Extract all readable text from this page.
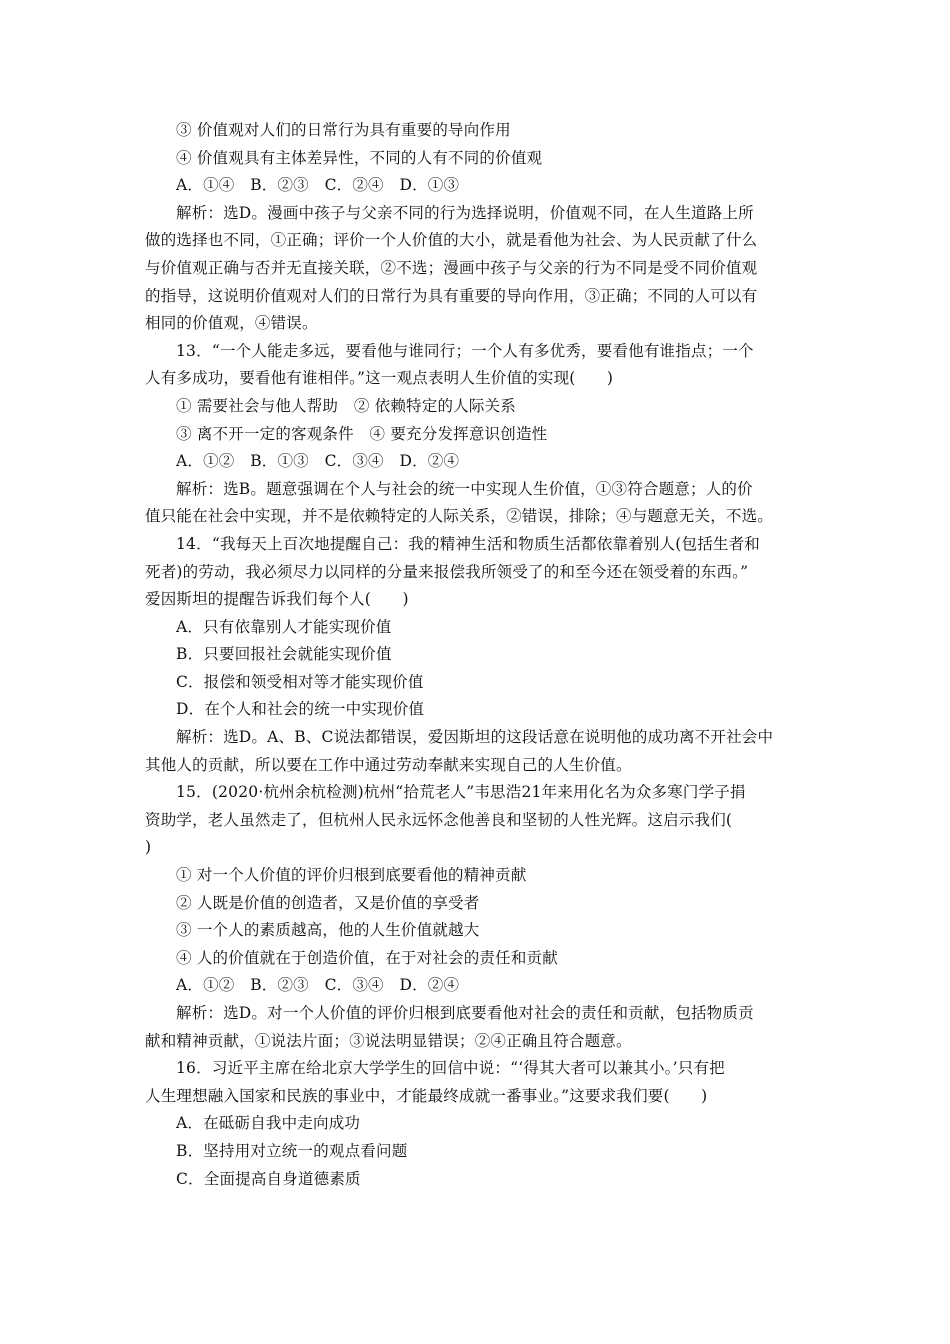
③ 价值观对人们的日常行为具有重要的导向作用
④ 价值观具有主体差异性，不同的人有不同的价值观
A．①④　B．②③　C．②④　D．①③
解析：选D。漫画中孩子与父亲不同的行为选择说明，价值观不同，在人生道路上所
做的选择也不同，①正确；评价一个人价值的大小，就是看他为社会、为人民贡献了什么
与价值观正确与否并无直接关联，②不选；漫画中孩子与父亲的行为不同是受不同价值观
的指导，这说明价值观对人们的日常行为具有重要的导向作用，③正确；不同的人可以有
相同的价值观，④错误。
13．“一个人能走多远，要看他与谁同行；一个人有多优秀，要看他有谁指点；一个
人有多成功，要看他有谁相伴。”这一观点表明人生价值的实现(　　)
① 需要社会与他人帮助　② 依赖特定的人际关系
③ 离不开一定的客观条件　④ 要充分发挥意识创造性
A．①②　B．①③　C．③④　D．②④
解析：选B。题意强调在个人与社会的统一中实现人生价值，①③符合题意；人的价
值只能在社会中实现，并不是依赖特定的人际关系，②错误，排除；④与题意无关，不选。
14．“我每天上百次地提醒自己：我的精神生活和物质生活都依靠着别人(包括生者和
死者)的劳动，我必须尽力以同样的分量来报偿我所领受了的和至今还在领受着的东西。”
爱因斯坦的提醒告诉我们每个人(　　)
A．只有依靠别人才能实现价值
B．只要回报社会就能实现价值
C．报偿和领受相对等才能实现价值
D．在个人和社会的统一中实现价值
解析：选D。A、B、C说法都错误，爱因斯坦的这段话意在说明他的成功离不开社会中
其他人的贡献，所以要在工作中通过劳动奉献来实现自己的人生价值。
15．(2020·杭州余杭检测)杭州“拾荒老人”韦思浩21年来用化名为众多寒门学子捐
资助学，老人虽然走了，但杭州人民永远怀念他善良和坚韧的人性光辉。这启示我们(
)
① 对一个人价值的评价归根到底要看他的精神贡献
② 人既是价值的创造者，又是价值的享受者
③ 一个人的素质越高，他的人生价值就越大
④ 人的价值就在于创造价值，在于对社会的责任和贡献
A．①②　B．②③　C．③④　D．②④
解析：选D。对一个人价值的评价归根到底要看他对社会的责任和贡献，包括物质贡
献和精神贡献，①说法片面；③说法明显错误；②④正确且符合题意。
16．习近平主席在给北京大学学生的回信中说：“‘得其大者可以兼其小。’只有把
人生理想融入国家和民族的事业中，才能最终成就一番事业。”这要求我们要(　　)
A．在砥砺自我中走向成功
B．坚持用对立统一的观点看问题
C．全面提高自身道德素质
